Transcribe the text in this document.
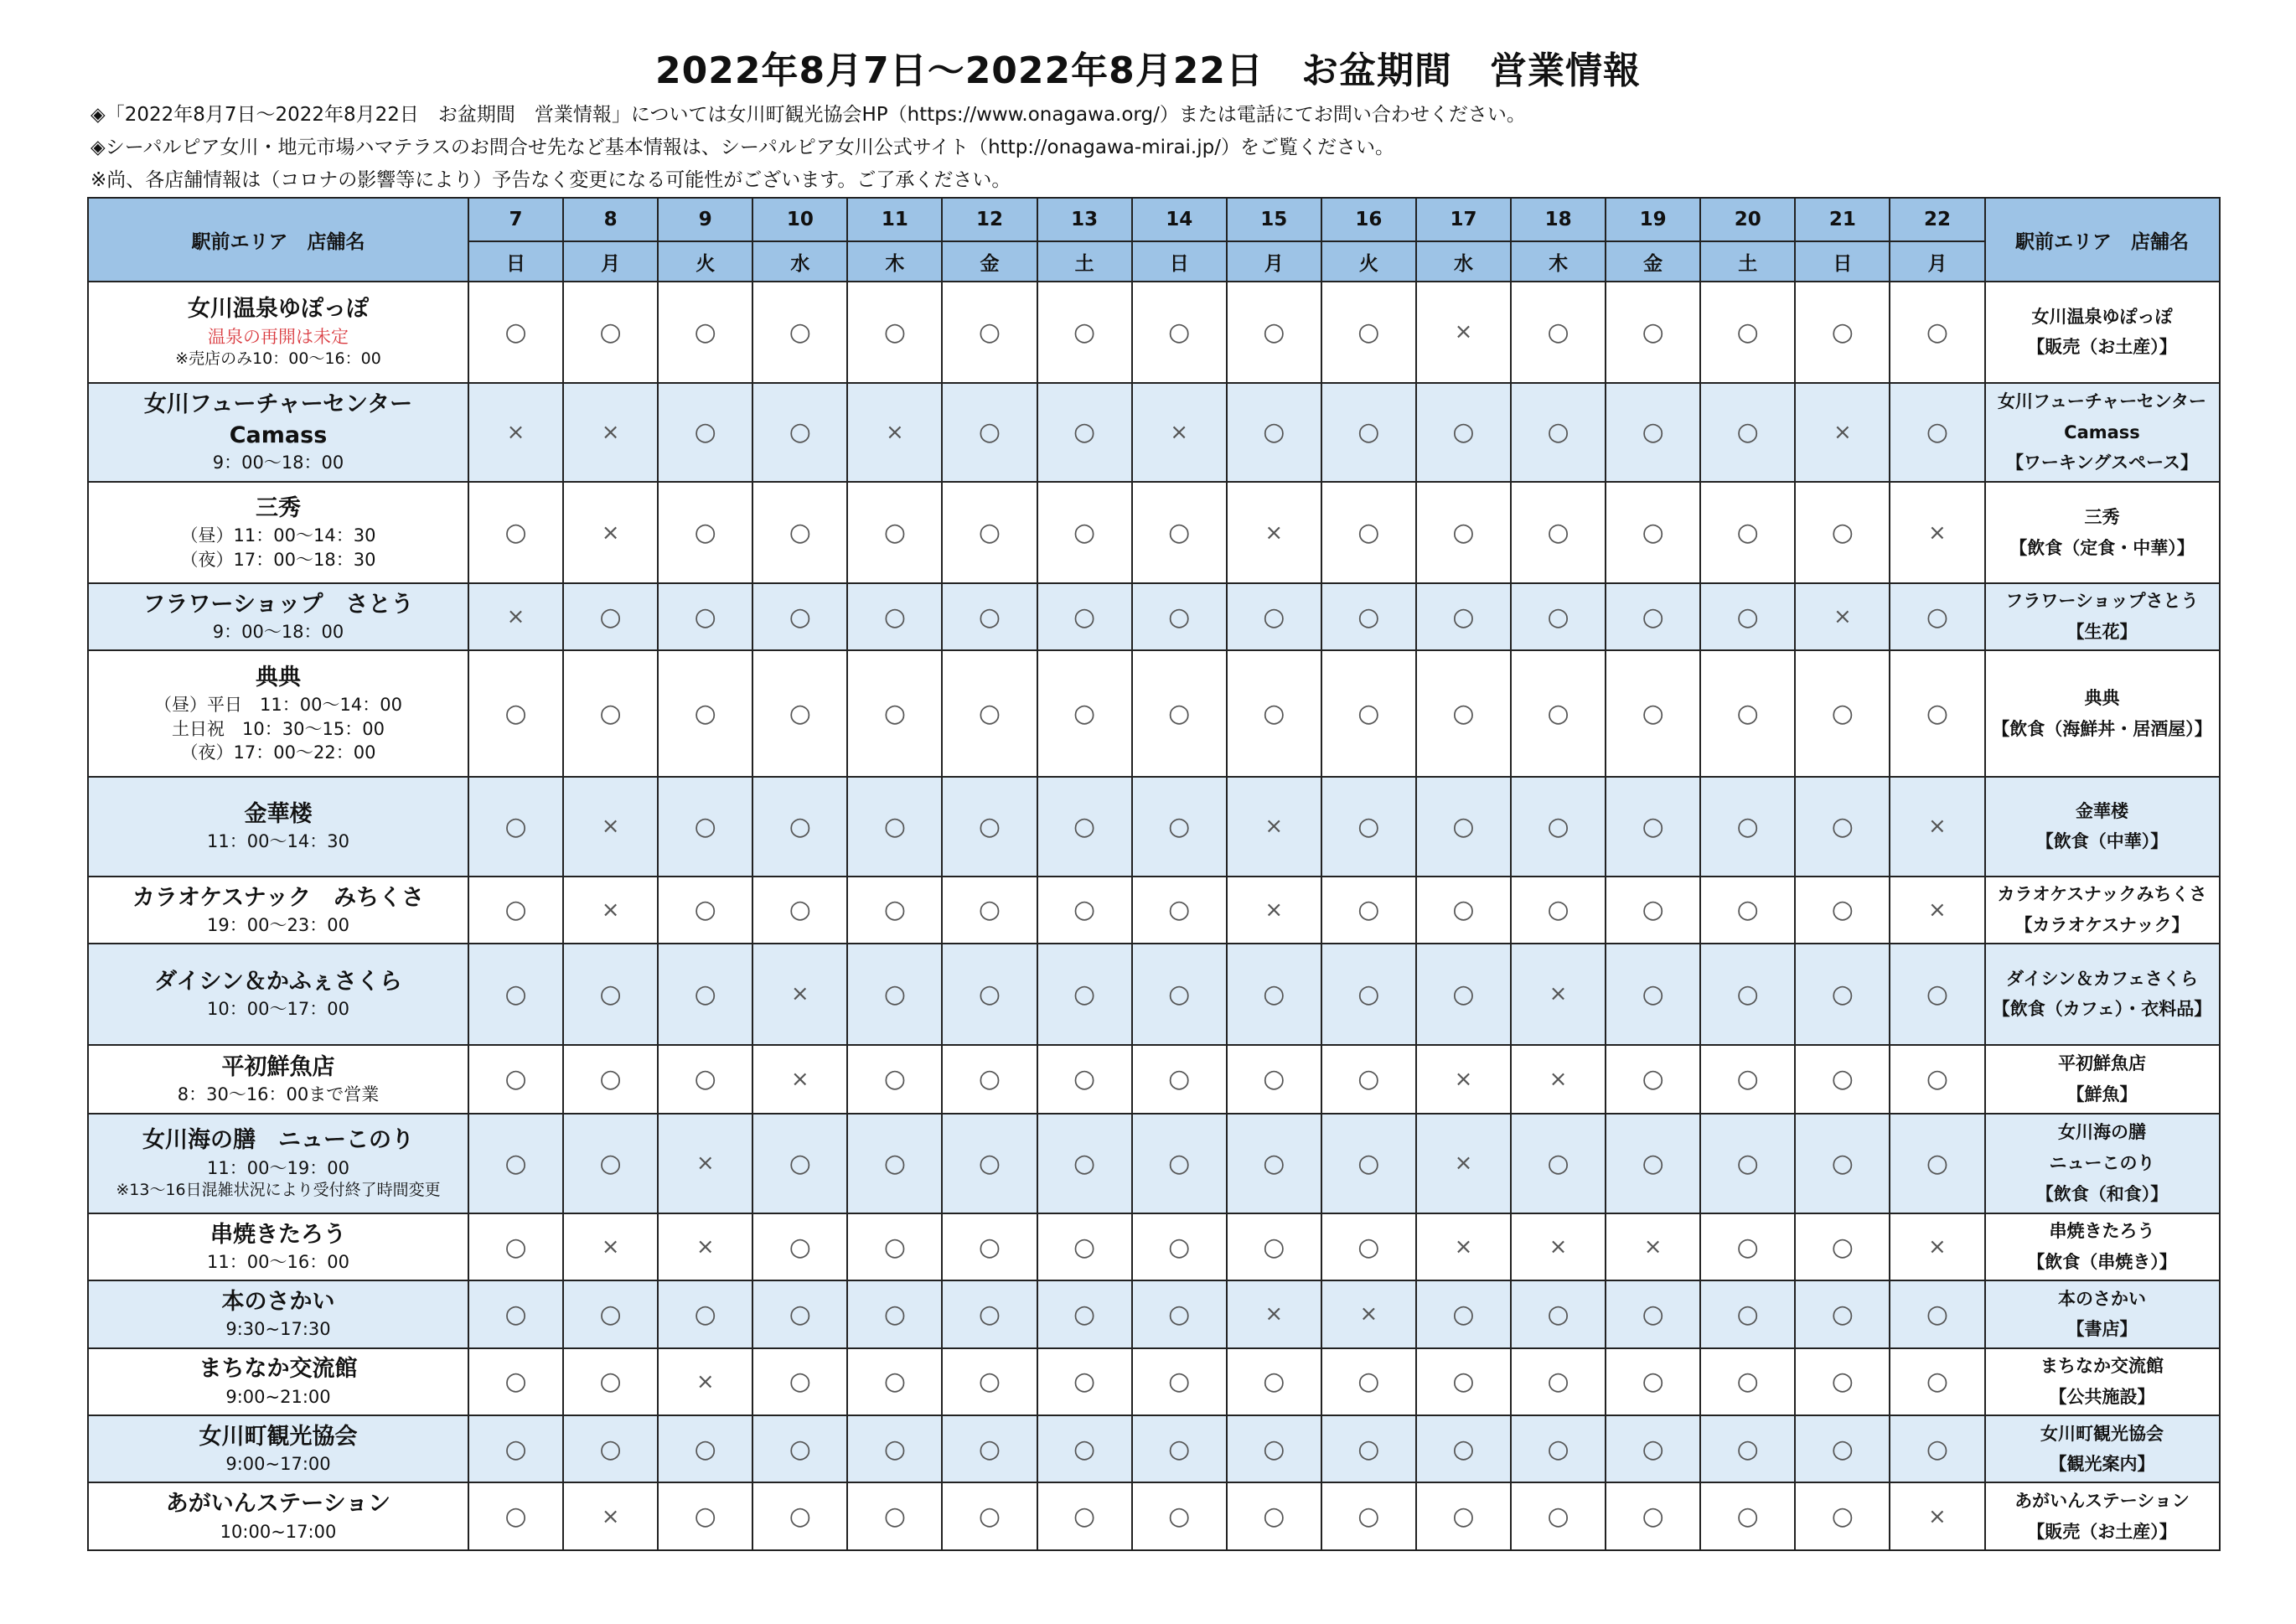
2022年8月7日～2022年8月22日　お盆期間　営業情報
◈「2022年8月7日～2022年8月22日　お盆期間　営業情報」については女川町観光協会HP（https://www.onagawa.org/）または電話にてお問い合わせください。
◈シーパルピア女川・地元市場ハマテラスのお問合せ先など基本情報は、シーパルピア女川公式サイト（http://onagawa-mirai.jp/）をご覧ください。
※尚、各店舗情報は（コロナの影響等により）予告なく変更になる可能性がございます。ご了承ください。
駅前エリア　店舗名	7	8	9	10	11	12	13	14	15	16	17	18	19	20	21	22	駅前エリア　店舗名
	日	月	火	水	木	金	土	日	月	火	水	木	金	土	日	月	

女川温泉ゆぽっぽ
温泉の再開は未定
※売店のみ10：00～16：00	○	○	○	○	○	○	○	○	○	○	×	○	○	○	○	○	女川温泉ゆぽっぽ
【販売（お土産）】

女川フューチャーセンター
Camass
9：00～18：00	×	×	○	○	×	○	○	×	○	○	○	○	○	○	×	○	女川フューチャーセンター
Camass
【ワーキングスペース】

三秀
（昼）11：00～14：30
（夜）17：00～18：30	○	×	○	○	○	○	○	○	×	○	○	○	○	○	○	×	三秀
【飲食（定食・中華）】

フラワーショップ　さとう
9：00～18：00	×	○	○	○	○	○	○	○	○	○	○	○	○	○	×	○	フラワーショップさとう
【生花】

典典
（昼）平日　11：00～14：00
土日祝　10：30～15：00
（夜）17：00～22：00	○	○	○	○	○	○	○	○	○	○	○	○	○	○	○	○	典典
【飲食（海鮮丼・居酒屋）】

金華楼
11：00～14：30	○	×	○	○	○	○	○	○	×	○	○	○	○	○	○	×	金華楼
【飲食（中華）】

カラオケスナック　みちくさ
19：00～23：00	○	×	○	○	○	○	○	○	×	○	○	○	○	○	○	×	カラオケスナックみちくさ
【カラオケスナック】

ダイシン＆かふぇさくら
10：00～17：00	○	○	○	×	○	○	○	○	○	○	○	×	○	○	○	○	ダイシン＆カフェさくら
【飲食（カフェ）・衣料品】

平初鮮魚店
8：30～16：00まで営業	○	○	○	×	○	○	○	○	○	○	×	×	○	○	○	○	平初鮮魚店
【鮮魚】

女川海の膳　ニューこのり
11：00～19：00
※13～16日混雑状況により受付終了時間変更	○	○	×	○	○	○	○	○	○	○	×	○	○	○	○	○	女川海の膳
ニューこのり
【飲食（和食）】

串焼きたろう
11：00～16：00	○	×	×	○	○	○	○	○	○	○	×	×	×	○	○	×	串焼きたろう
【飲食（串焼き）】

本のさかい
9:30~17:30	○	○	○	○	○	○	○	○	×	×	○	○	○	○	○	○	本のさかい
【書店】

まちなか交流館
9:00~21:00	○	○	×	○	○	○	○	○	○	○	○	○	○	○	○	○	まちなか交流館
【公共施設】

女川町観光協会
9:00~17:00	○	○	○	○	○	○	○	○	○	○	○	○	○	○	○	○	女川町観光協会
【観光案内】

あがいんステーション
10:00~17:00	○	×	○	○	○	○	○	○	○	○	○	○	○	○	○	×	あがいんステーション
【販売（お土産）】
